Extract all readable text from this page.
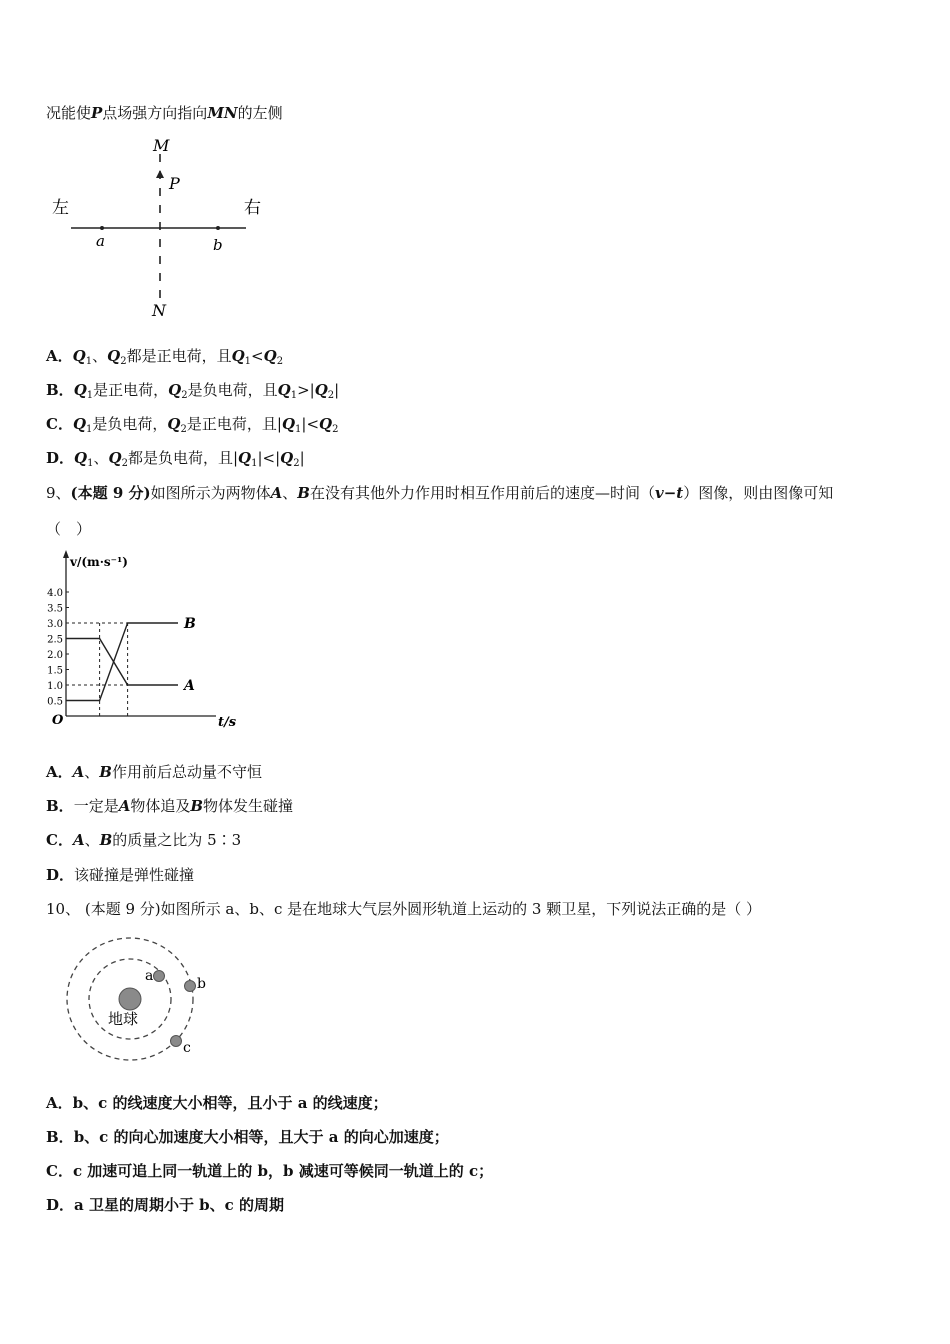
况能使P点场强方向指向MN的左侧
M
P
左	右
a	b
N
A．$Q_1$、$Q_2$都是正电荷，且$Q_1<Q_2$
B．$Q_1$是正电荷，$Q_2$是负电荷，且$Q_1>|Q_2|$
C．$Q_1$是负电荷，$Q_2$是正电荷，且$|Q_1|<Q_2$
D．$Q_1$、$Q_2$都是负电荷，且$|Q_1|<|Q_2|$
9、(本题 9 分)如图所示为两物体A、B在没有其他外力作用时相互作用前后的速度—时间（v−t）图像，则由图像可知
（　）
v/(m·s⁻¹)
t/s
O
0.5
1.0
1.5
2.0
2.5
3.0
3.5
4.0
A
B
A．A、B作用前后总动量不守恒
B．一定是A物体追及B物体发生碰撞
C．A、B的质量之比为 5∶3
D．该碰撞是弹性碰撞
10、 (本题 9 分)如图所示 a、b、c 是在地球大气层外圆形轨道上运动的 3 颗卫星，下列说法正确的是（ ）
地球
a	b
c
A．b、c 的线速度大小相等，且小于 a 的线速度；
B．b、c 的向心加速度大小相等，且大于 a 的向心加速度；
C．c 加速可追上同一轨道上的 b，b 减速可等候同一轨道上的 c；
D．a 卫星的周期小于 b、c 的周期
